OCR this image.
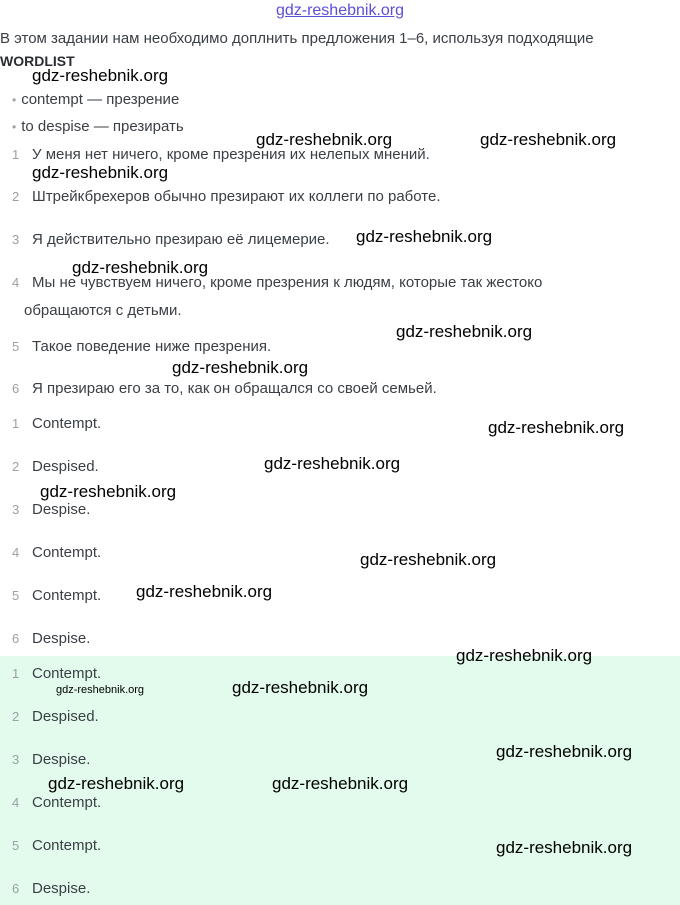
gdz-reshebnik.org
В этом задании нам необходимо доплнить предложения 1–6, используя подходящие
WORDLIST
• contempt — презрение
• to despise — презирать
1 У меня нет ничего, кроме презрения их нелепых мнений.
2 Штрейкбрехеров обычно презирают их коллеги по работе.
3 Я действительно презираю её лицемерие.
4 Мы не чувствуем ничего, кроме презрения к людям, которые так жестоко
обращаются с детьми.
5 Такое поведение ниже презрения.
6 Я презираю его за то, как он обращался со своей семьей.
1 Contempt.
2 Despised.
3 Despise.
4 Contempt.
5 Contempt.
6 Despise.
1 Contempt.
2 Despised.
3 Despise.
4 Contempt.
5 Contempt.
6 Despise.
gdz-reshebnik.org
gdz-reshebnik.org	gdz-reshebnik.org
gdz-reshebnik.org
gdz-reshebnik.org
gdz-reshebnik.org
gdz-reshebnik.org
gdz-reshebnik.org
gdz-reshebnik.org
gdz-reshebnik.org
gdz-reshebnik.org
gdz-reshebnik.org
gdz-reshebnik.org
gdz-reshebnik.org
gdz-reshebnik.org	gdz-reshebnik.org
gdz-reshebnik.org
gdz-reshebnik.org	gdz-reshebnik.org
gdz-reshebnik.org
